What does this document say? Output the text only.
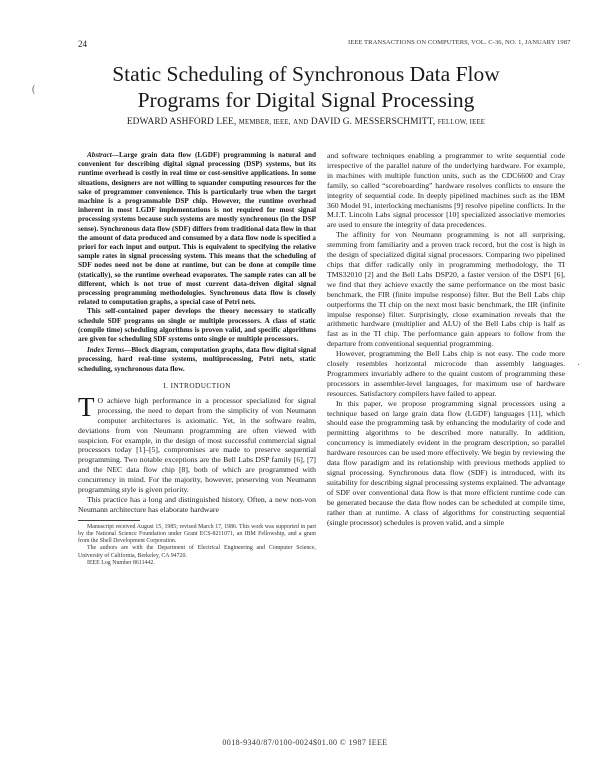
24	IEEE TRANSACTIONS ON COMPUTERS, VOL. C-36, NO. 1, JANUARY 1987
(
·
Static Scheduling of Synchronous Data Flow
Programs for Digital Signal Processing
EDWARD ASHFORD LEE, MEMBER, IEEE, AND DAVID G. MESSERSCHMITT, FELLOW, IEEE

Abstract—Large grain data flow (LGDF) programming is natural and convenient for describing digital signal processing (DSP) systems, but its runtime overhead is costly in real time or cost-sensitive applications. In some situations, designers are not willing to squander computing resources for the sake of programmer convenience. This is particularly true when the target machine is a programmable DSP chip. However, the runtime overhead inherent in most LGDF implementations is not required for most signal processing systems because such systems are mostly synchronous (in the DSP sense). Synchronous data flow (SDF) differs from traditional data flow in that the amount of data produced and consumed by a data flow node is specified a priori for each input and output. This is equivalent to specifying the relative sample rates in signal processing system. This means that the scheduling of SDF nodes need not be done at runtime, but can be done at compile time (statically), so the runtime overhead evaporates. The sample rates can all be different, which is not true of most current data-driven digital signal processing programming methodologies. Synchronous data flow is closely related to computation graphs, a special case of Petri nets.

This self-contained paper develops the theory necessary to statically schedule SDF programs on single or multiple processors. A class of static (compile time) scheduling algorithms is proven valid, and specific algorithms are given for scheduling SDF systems onto single or multiple processors.

Index Terms—Block diagram, computation graphs, data flow digital signal processing, hard real-time systems, multiprocessing, Petri nets, static scheduling, synchronous data flow.

I. INTRODUCTION

T O achieve high performance in a processor specialized for signal processing, the need to depart from the simplicity of von Neumann computer architectures is axiomatic. Yet, in the software realm, deviations from von Neumann programming are often viewed with suspicion. For example, in the design of most successful commercial signal processors today [1]–[5], compromises are made to preserve sequential programming. Two notable exceptions are the Bell Labs DSP family [6], [7] and the NEC data flow chip [8], both of which are programmed with concurrency in mind. For the majority, however, preserving von Neumann programming style is given priority.

This practice has a long and distinguished history. Often, a new non-von Neumann architecture has elaborate hardware

Manuscript received August 15, 1985; revised March 17, 1986. This work was supported in part by the National Science Foundation under Grant ECS-8211071, an IBM Fellowship, and a grant from the Shell Development Corporation.

The authors are with the Department of Electrical Engineering and Computer Science, University of California, Berkeley, CA 94720.

IEEE Log Number 8611442.

and software techniques enabling a programmer to write sequential code irrespective of the parallel nature of the underlying hardware. For example, in machines with multiple function units, such as the CDC6600 and Cray family, so called “scoreboarding” hardware resolves conflicts to ensure the integrity of sequential code. In deeply pipelined machines such as the IBM 360 Model 91, interlocking mechanisms [9] resolve pipeline conflicts. In the M.I.T. Lincoln Labs signal processor [10] specialized associative memories are used to ensure the integrity of data precedences.

The affinity for von Neumann programming is not all surprising, stemming from familiarity and a proven track record, but the cost is high in the design of specialized digital signal processors. Comparing two pipelined chips that differ radically only in programming methodology, the TI TMS32010 [2] and the Bell Labs DSP20, a faster version of the DSP1 [6], we find that they achieve exactly the same performance on the most basic benchmark, the FIR (finite impulse response) filter. But the Bell Labs chip outperforms the TI chip on the next most basic benchmark, the IIR (infinite impulse response) filter. Surprisingly, close examination reveals that the arithmetic hardware (multiplier and ALU) of the Bell Labs chip is half as fast as in the TI chip. The performance gain appears to follow from the departure from conventional sequential programming.

However, programming the Bell Labs chip is not easy. The code more closely resembles horizontal microcode than assembly languages. Programmers invariably adhere to the quaint custom of programming these processors in assembler-level languages, for maximum use of hardware resources. Satisfactory compilers have failed to appear.

In this paper, we propose programming signal processors using a technique based on large grain data flow (LGDF) languages [11], which should ease the programming task by enhancing the modularity of code and permitting algorithms to be described more naturally. In addition, concurrency is immediately evident in the program description, so parallel hardware resources can be used more effectively. We begin by reviewing the data flow paradigm and its relationship with previous methods applied to signal processing. Synchronous data flow (SDF) is introduced, with its suitability for describing signal processing systems explained. The advantage of SDF over conventional data flow is that more efficient runtime code can be generated because the data flow nodes can be scheduled at compile time, rather than at runtime. A class of algorithms for constructing sequential (single processor) schedules is proven valid, and a simple

0018-9340/87/0100-0024$01.00 © 1987 IEEE
